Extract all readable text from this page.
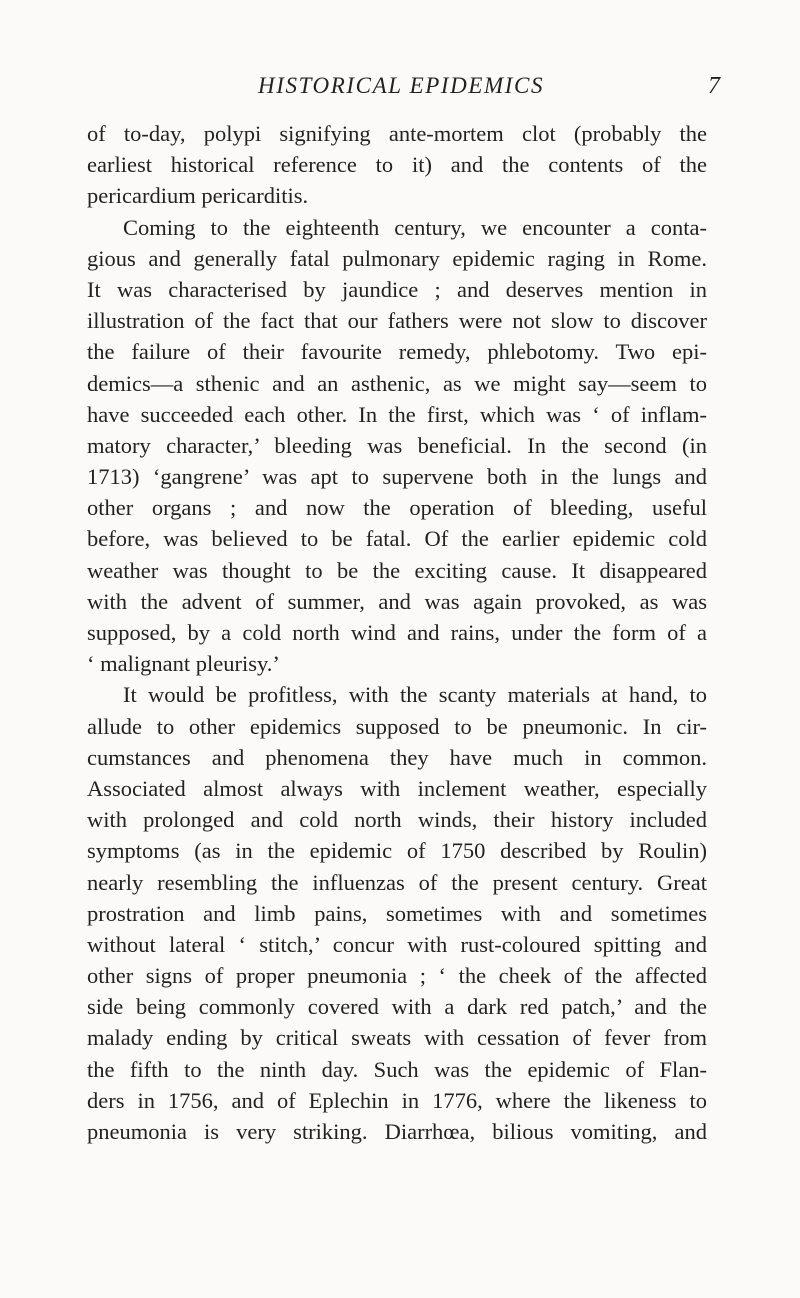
HISTORICAL EPIDEMICS	7
of to-day, polypi signifying ante-mortem clot (probably the
earliest historical reference to it) and the contents of the
pericardium pericarditis.
Coming to the eighteenth century, we encounter a conta-
gious and generally fatal pulmonary epidemic raging in Rome.
It was characterised by jaundice ; and deserves mention in
illustration of the fact that our fathers were not slow to discover
the failure of their favourite remedy, phlebotomy. Two epi-
demics—a sthenic and an asthenic, as we might say—seem to
have succeeded each other. In the first, which was ‘ of inflam-
matory character,’ bleeding was beneficial. In the second (in
1713) ‘gangrene’ was apt to supervene both in the lungs and
other organs ; and now the operation of bleeding, useful
before, was believed to be fatal. Of the earlier epidemic cold
weather was thought to be the exciting cause. It disappeared
with the advent of summer, and was again provoked, as was
supposed, by a cold north wind and rains, under the form of a
‘ malignant pleurisy.’
It would be profitless, with the scanty materials at hand, to
allude to other epidemics supposed to be pneumonic. In cir-
cumstances and phenomena they have much in common.
Associated almost always with inclement weather, especially
with prolonged and cold north winds, their history included
symptoms (as in the epidemic of 1750 described by Roulin)
nearly resembling the influenzas of the present century. Great
prostration and limb pains, sometimes with and sometimes
without lateral ‘ stitch,’ concur with rust-coloured spitting and
other signs of proper pneumonia ; ‘ the cheek of the affected
side being commonly covered with a dark red patch,’ and the
malady ending by critical sweats with cessation of fever from
the fifth to the ninth day. Such was the epidemic of Flan-
ders in 1756, and of Eplechin in 1776, where the likeness to
pneumonia is very striking. Diarrhœa, bilious vomiting, and
